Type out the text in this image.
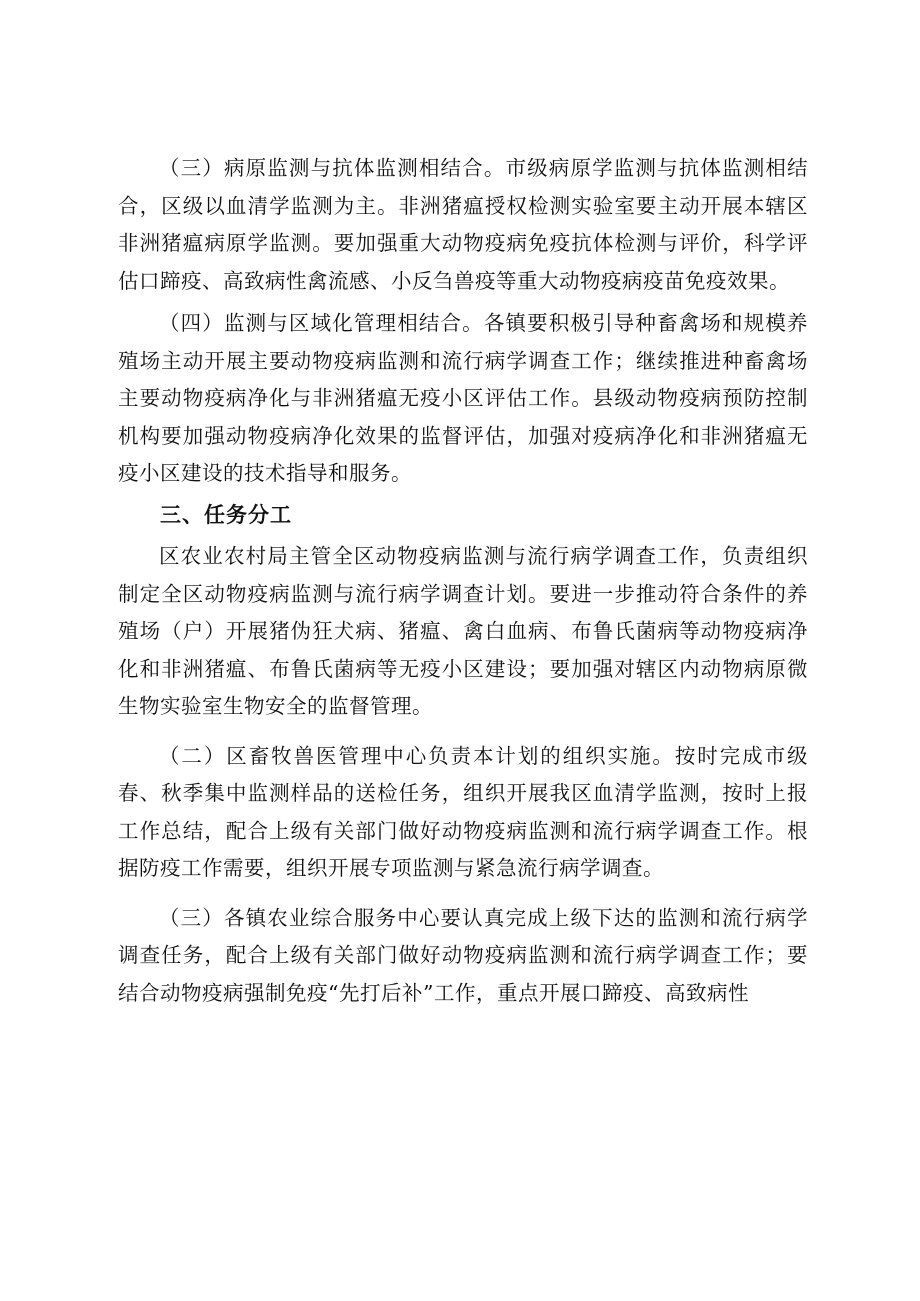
（三）病原监测与抗体监测相结合。市级病原学监测与抗体监测相结合，区级以血清学监测为主。非洲猪瘟授权检测实验室要主动开展本辖区非洲猪瘟病原学监测。要加强重大动物疫病免疫抗体检测与评价，科学评估口蹄疫、高致病性禽流感、小反刍兽疫等重大动物疫病疫苗免疫效果。

（四）监测与区域化管理相结合。各镇要积极引导种畜禽场和规模养殖场主动开展主要动物疫病监测和流行病学调查工作；继续推进种畜禽场主要动物疫病净化与非洲猪瘟无疫小区评估工作。县级动物疫病预防控制机构要加强动物疫病净化效果的监督评估，加强对疫病净化和非洲猪瘟无疫小区建设的技术指导和服务。

三、任务分工

区农业农村局主管全区动物疫病监测与流行病学调查工作，负责组织制定全区动物疫病监测与流行病学调查计划。要进一步推动符合条件的养殖场（户）开展猪伪狂犬病、猪瘟、禽白血病、布鲁氏菌病等动物疫病净化和非洲猪瘟、布鲁氏菌病等无疫小区建设；要加强对辖区内动物病原微生物实验室生物安全的监督管理。

（二）区畜牧兽医管理中心负责本计划的组织实施。按时完成市级春、秋季集中监测样品的送检任务，组织开展我区血清学监测，按时上报工作总结，配合上级有关部门做好动物疫病监测和流行病学调查工作。根据防疫工作需要，组织开展专项监测与紧急流行病学调查。

（三）各镇农业综合服务中心要认真完成上级下达的监测和流行病学调查任务，配合上级有关部门做好动物疫病监测和流行病学调查工作；要结合动物疫病强制免疫“先打后补”工作，重点开展口蹄疫、高致病性
